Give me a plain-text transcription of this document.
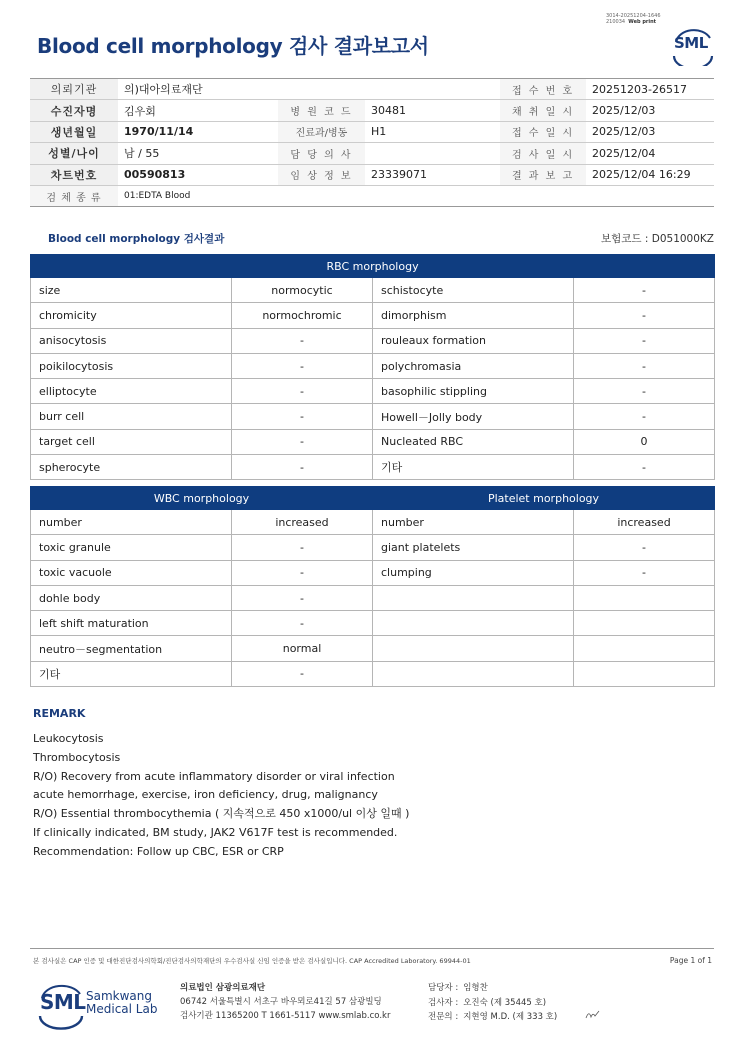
3014-20251204-1646
210034 Web print
Blood cell morphology 검사 결과보고서	SML
의뢰기관	의)대아의료재단			접 수 번 호	20251203-26517
수진자명	김우회	병 원 코 드	30481	채 취 일 시	2025/12/03
생년월일	1970/11/14	진료과/병동	H1	접 수 일 시	2025/12/03
성별/나이	남 / 55	담 당 의 사		검 사 일 시	2025/12/04
차트번호	00590813	임 상 정 보	23339071	결 과 보 고	2025/12/04 16:29
검 체 종 류	01:EDTA Blood				
Blood cell morphology 검사결과	보험코드 : D051000KZ
RBC morphology			
size	normocytic	schistocyte	-
chromicity	normochromic	dimorphism	-
anisocytosis	-	rouleaux formation	-
poikilocytosis	-	polychromasia	-
elliptocyte	-	basophilic stippling	-
burr cell	-	Howell－Jolly body	-
target cell	-	Nucleated RBC	0
spherocyte	-	기타	-
WBC morphology		Platelet morphology	
number	increased	number	increased
toxic granule	-	giant platelets	-
toxic vacuole	-	clumping	-
dohle body	-		
left shift maturation	-		
neutro－segmentation	normal		
기타	-		
REMARK
Leukocytosis
Thrombocytosis
R/O) Recovery from acute inflammatory disorder or viral infection
acute hemorrhage, exercise, iron deficiency, drug, malignancy
R/O) Essential thrombocythemia ( 지속적으로 450 x1000/ul 이상 일때 )
If clinically indicated, BM study, JAK2 V617F test is recommended.
Recommendation: Follow up CBC, ESR or CRP
본 검사실은 CAP 인증 및 대한진단검사의학회/진단검사의학재단의 우수검사실 신임 인증을 받은 검사실입니다. CAP Accredited Laboratory. 69944-01	Page 1 of 1
SML Samkwang
Medical Lab
의료법인 삼광의료재단
06742 서울특별시 서초구 바우뫼로41길 57 삼광빌딩
검사기관 11365200 T 1661-5117 www.smlab.co.kr
담당자 : 임형찬
검사자 : 오진숙 (제 35445 호)
전문의 : 지현영 M.D. (제 333 호)
